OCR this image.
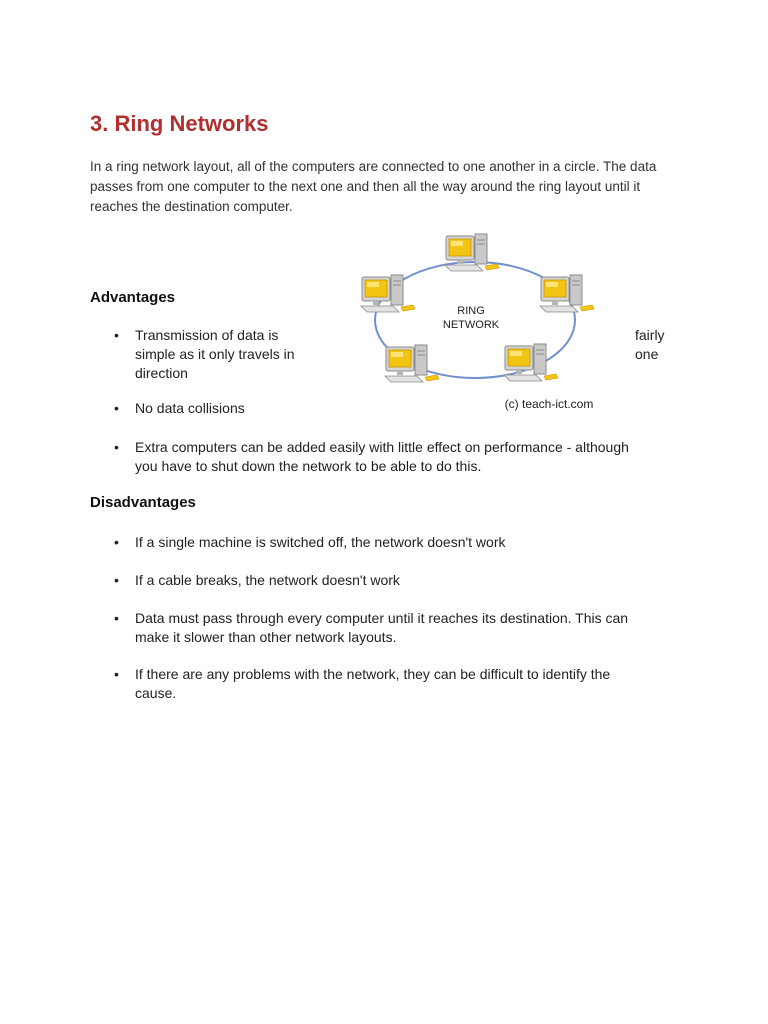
3. Ring Networks

In a ring network layout, all of the computers are connected to one another in a circle. The data
passes from one computer to the next one and then all the way around the ring layout until it
reaches the destination computer.

Advantages
• Transmission of data is
simple as it only travels in
direction
fairly
one
• No data collisions
• Extra computers can be added easily with little effect on performance - although
you have to shut down the network to be able to do this.
Disadvantages
• If a single machine is switched off, the network doesn't work
• If a cable breaks, the network doesn't work
• Data must pass through every computer until it reaches its destination. This can
make it slower than other network layouts.
• If there are any problems with the network, they can be difficult to identify the
cause.
RING
NETWORK
(c) teach-ict.com
